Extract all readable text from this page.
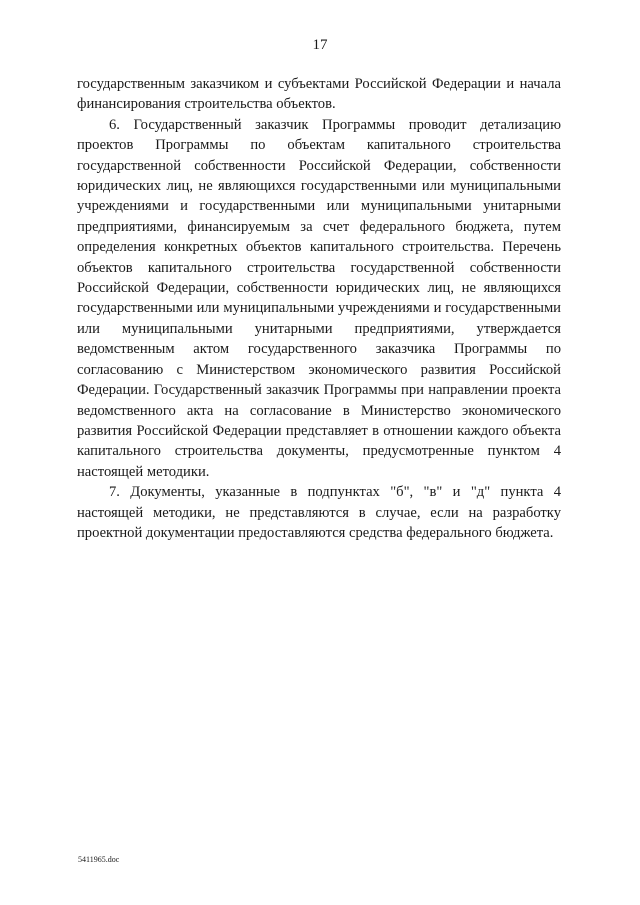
17

государственным заказчиком и субъектами Российской Федерации и начала финансирования строительства объектов.

6. Государственный заказчик Программы проводит детализацию проектов Программы по объектам капитального строительства государственной собственности Российской Федерации, собственности юридических лиц, не являющихся государственными или муниципальными учреждениями и государственными или муниципальными унитарными предприятиями, финансируемым за счет федерального бюджета, путем определения конкретных объектов капитального строительства. Перечень объектов капитального строительства государственной собственности Российской Федерации, собственности юридических лиц, не являющихся государственными или муниципальными учреждениями и государственными или муниципальными унитарными предприятиями, утверждается ведомственным актом государственного заказчика Программы по согласованию с Министерством экономического развития Российской Федерации. Государственный заказчик Программы при направлении проекта ведомственного акта на согласование в Министерство экономического развития Российской Федерации представляет в отношении каждого объекта капитального строительства документы, предусмотренные пунктом 4 настоящей методики.

7. Документы, указанные в подпунктах "б", "в" и "д" пункта 4 настоящей методики, не представляются в случае, если на разработку проектной документации предоставляются средства федерального бюджета.

5411965.doc
